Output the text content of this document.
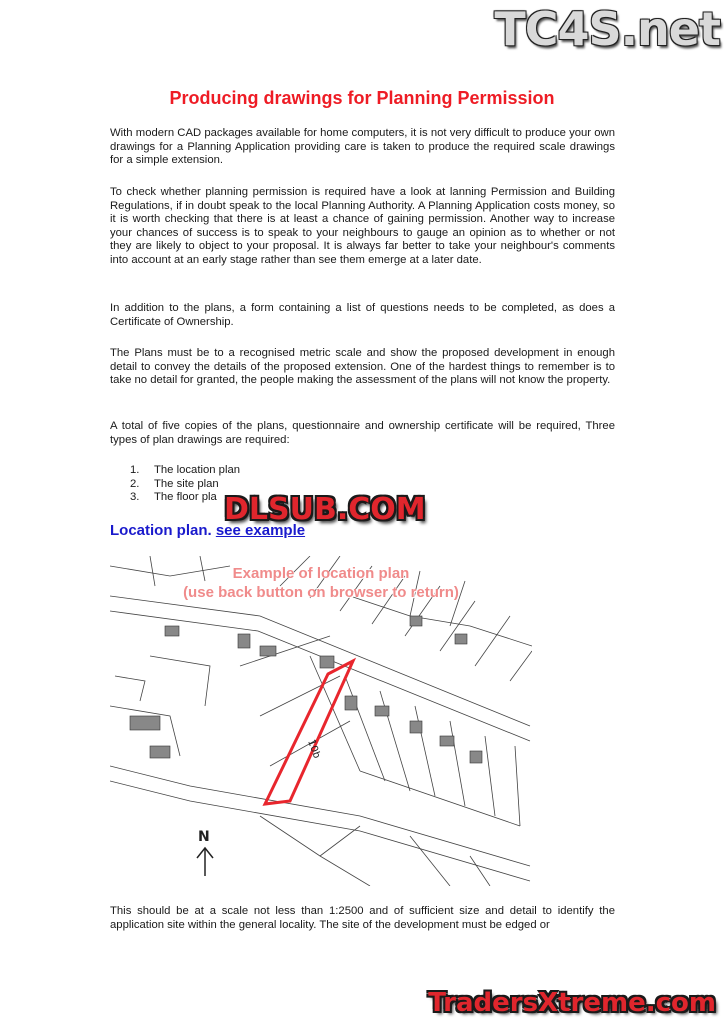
TC4S.net
Producing drawings for Planning Permission

With modern CAD packages available for home computers, it is not very difficult to produce your own drawings for a Planning Application providing care is taken to produce the required scale drawings for a simple extension.

To check whether planning permission is required have a look at lanning Permission and Building Regulations, if in doubt speak to the local Planning Authority. A Planning Application costs money, so it is worth checking that there is at least a chance of gaining permission. Another way to increase your chances of success is to speak to your neighbours to gauge an opinion as to whether or not they are likely to object to your proposal. It is always far better to take your neighbour's comments into account at an early stage rather than see them emerge at a later date.

In addition to the plans, a form containing a list of questions needs to be completed, as does a Certificate of Ownership.

The Plans must be to a recognised metric scale and show the proposed development in enough detail to convey the details of the proposed extension. One of the hardest things to remember is to take no detail for granted, the people making the assessment of the plans will not know the property.

A total of five copies of the plans, questionnaire and ownership certificate will be required, Three types of plan drawings are required:

1.	The location plan
2.	The site plan
3.	The floor pla DLSUB.COM
Location plan. see example
10b
N
Example of location plan
(use back button on browser to return)

This should be at a scale not less than 1:2500 and of sufficient size and detail to identify the application site within the general locality. The site of the development must be edged or

TradersXtreme.com
